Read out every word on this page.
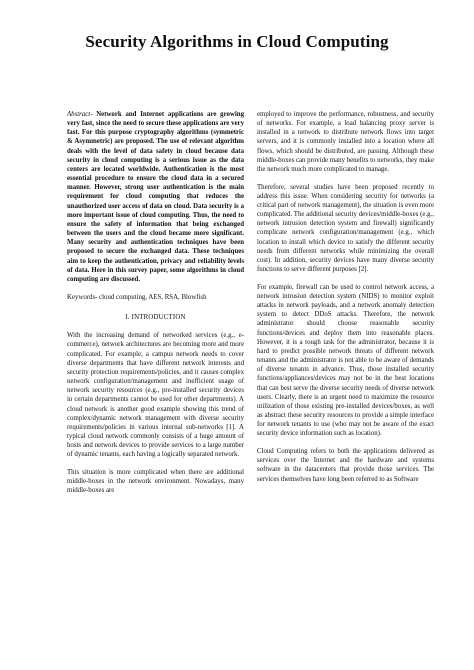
Security Algorithms in Cloud Computing

Abstract- Network and Internet applications are growing very fast, since the need to secure these applications are very fast. For this purpose cryptography algorithms (symmetric & Asymmetric) are proposed. The use of relevant algorithm deals with the level of data safety in cloud because data security in cloud computing is a serious issue as the data centers are located worldwide. Authentication is the most essential procedure to ensure the cloud data in a secured manner. However, strong user authentication is the main requirement for cloud computing that reduces the unauthorized user access of data on cloud. Data security is a more important issue of cloud computing. Thus, the need to ensure the safety of information that being exchanged between the users and the cloud became more significant. Many security and authentication techniques have been proposed to secure the exchanged data. These techniques aim to keep the authentication, privacy and reliability levels of data. Here in this survey paper, some algorithms in cloud computing are discussed.

Keywords- cloud computing, AES, RSA, Blowfish

I. INTRODUCTION

With the increasing demand of networked services (e.g., e-commerce), network architectures are becoming more and more complicated. For example, a campus network needs to cover diverse departments that have different network interests and security protection requirements/policies, and it causes complex network configuration/management and inefficient usage of network security resources (e.g., pre-installed security devices in certain departments cannot be used for other departments). A cloud network is another good example showing this trend of complex/dynamic network management with diverse security requirements/policies in various internal sub-networks [1]. A typical cloud network commonly consists of a huge amount of hosts and network devices to provide services to a large number of dynamic tenants, each having a logically separated network.

This situation is more complicated when there are additional middle-boxes in the network environment. Nowadays, many middle-boxes are

employed to improve the performance, robustness, and security of networks. For example, a load balancing proxy server is installed in a network to distribute network flows into target servers, and it is commonly installed into a location where all flows, which should be distributed, are passing. Although these middle-boxes can provide many benefits to networks, they make the network much more complicated to manage.

Therefore, several studies have been proposed recently to address this issue. When considering security for networks (a critical part of network management), the situation is even more complicated. The additional security devices/middle-boxes (e.g., network intrusion detection system and firewall) significantly complicate network configuration/management (e.g., which location to install which device to satisfy the different security needs from different networks while minimizing the overall cost). In addition, security devices have many diverse security functions to serve different purposes [2].

For example, firewall can be used to control network access, a network intrusion detection system (NIDS) to monitor exploit attacks in network payloads, and a network anomaly detection system to detect DDoS attacks. Therefore, the network administrator should choose reasonable security functions/devices and deploy them into reasonable places. However, it is a tough task for the administrator, because it is hard to predict possible network threats of different network tenants and the administrator is not able to be aware of demands of diverse tenants in advance. Thus, those installed security functions/appliances/devices may not be in the best locations that can best serve the diverse security needs of diverse network users. Clearly, there is an urgent need to maximize the resource utilization of those existing pre-installed devices/boxes, as well as abstract these security resources to provide a simple interface for network tenants to use (who may not be aware of the exact security device information such as location).

Cloud Computing refers to both the applications delivered as services over the Internet and the hardware and systems software in the datacenters that provide those services. The services themselves have long been referred to as Software
